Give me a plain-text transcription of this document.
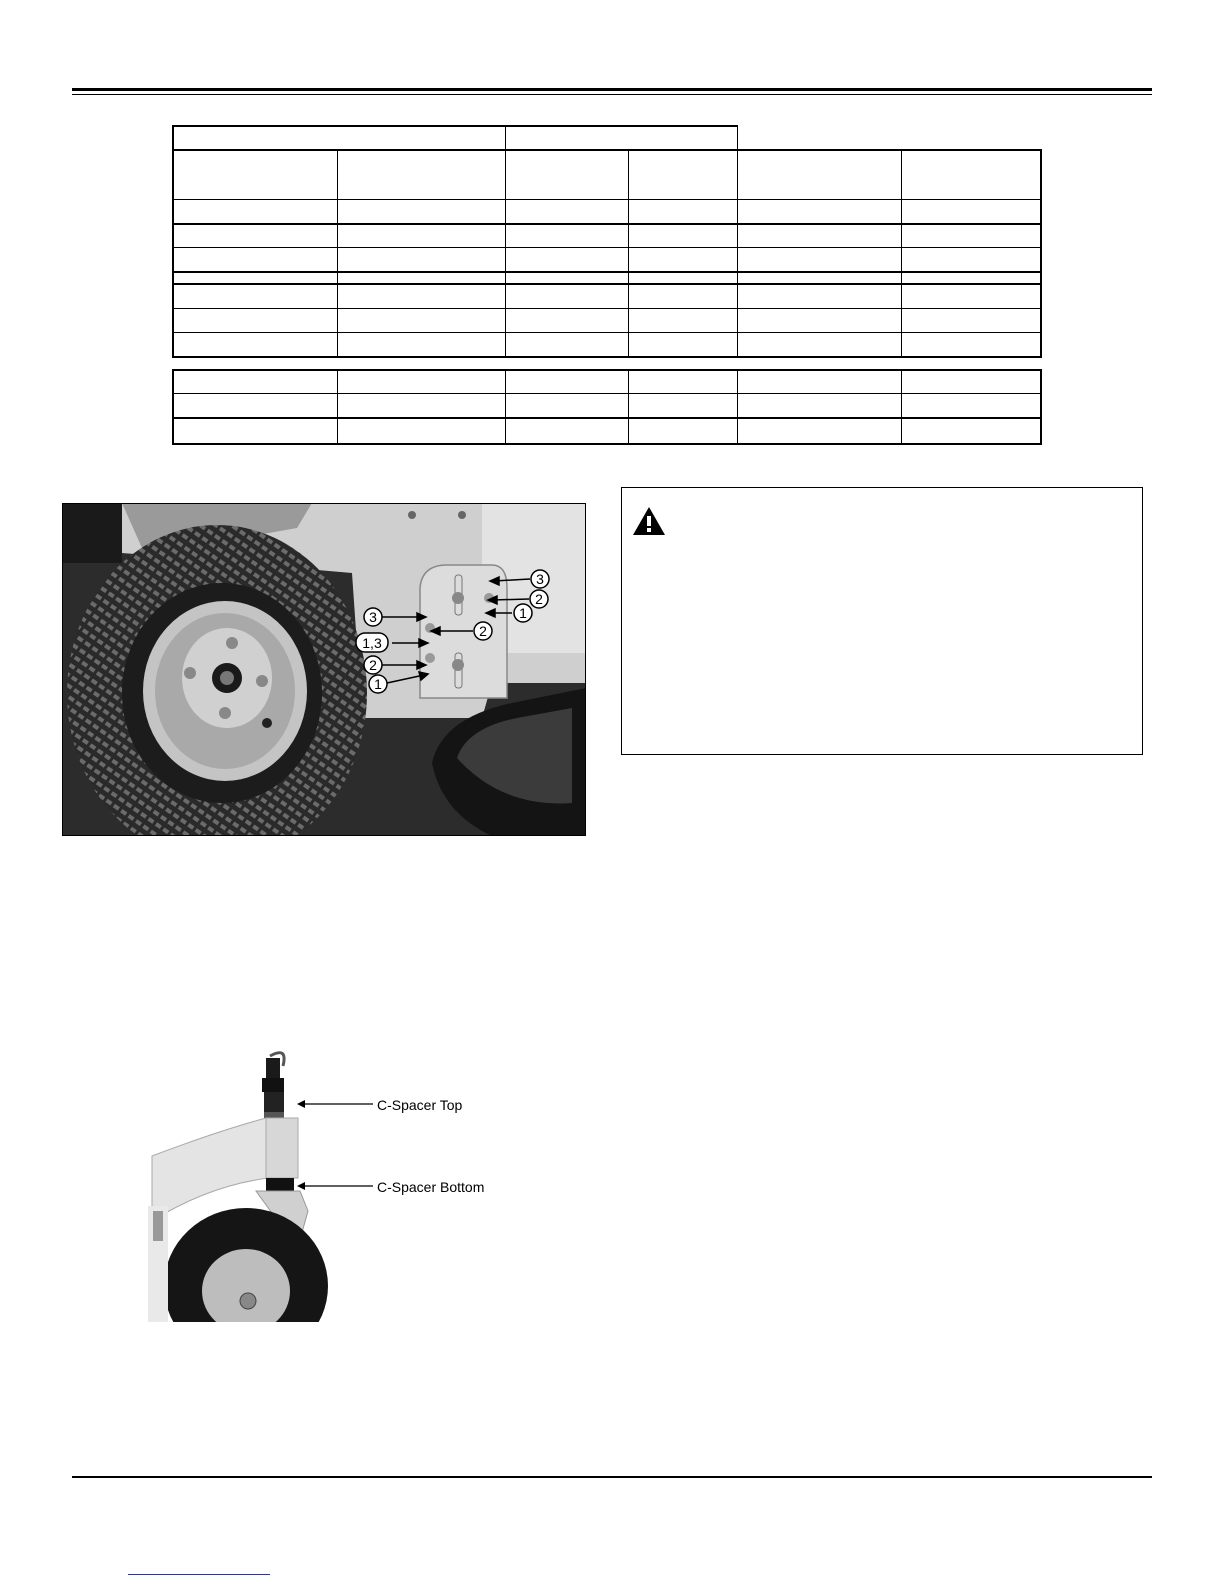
3
2
1
2
3
1,3
2
1
C-Spacer Top
C-Spacer Bottom
